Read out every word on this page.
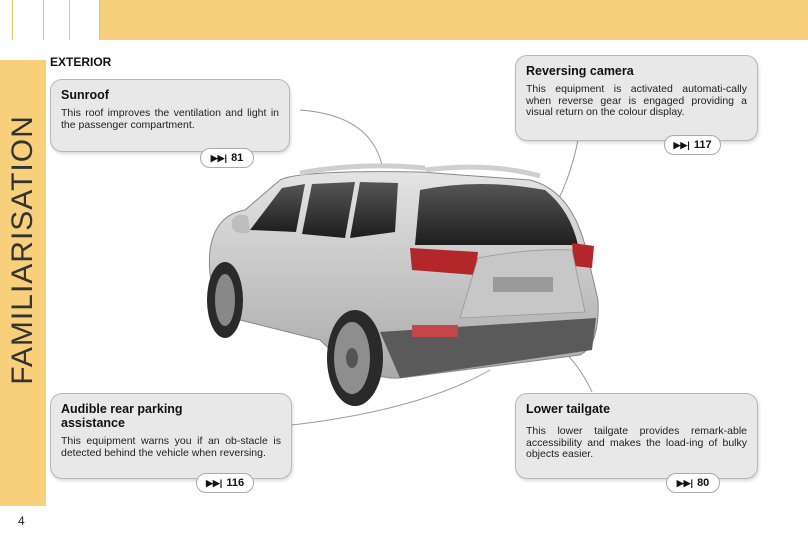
FAMILIARISATION
4
EXTERIOR
Sunroof

This roof improves the ventilation and light in the passenger compartment.

▶▶| 81
Reversing camera

This equipment is activated automati-cally when reverse gear is engaged providing a visual return on the colour display.

▶▶| 117
Audible rear parking assistance

This equipment warns you if an ob-stacle is detected behind the vehicle when reversing.

▶▶| 116
Lower tailgate

This lower tailgate provides remark-able accessibility and makes the load-ing of bulky objects easier.

▶▶| 80
